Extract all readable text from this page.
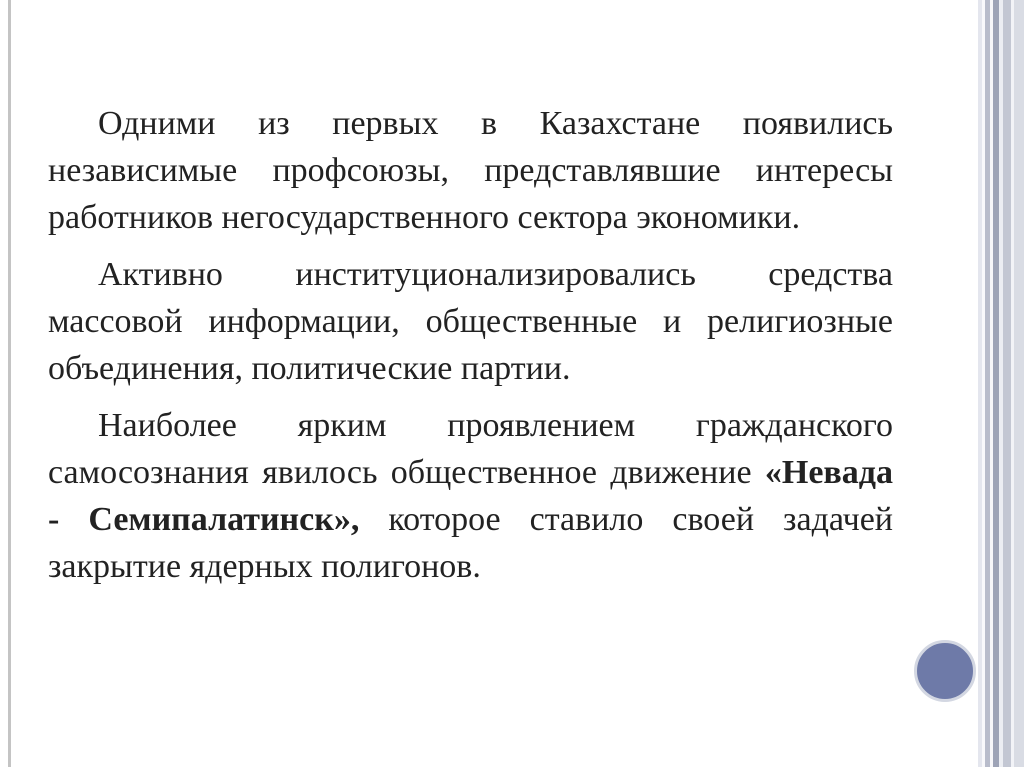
Одними из первых в Казахстане появились независимые профсоюзы, представлявшие интересы работников негосударственного сектора экономики.

Активно институционализировались средства массовой информации, общественные и религиозные объединения, политические партии.

Наиболее ярким проявлением гражданского самосознания явилось общественное движение «Невада - Семипалатинск», которое ставило своей задачей закрытие ядерных полигонов.
